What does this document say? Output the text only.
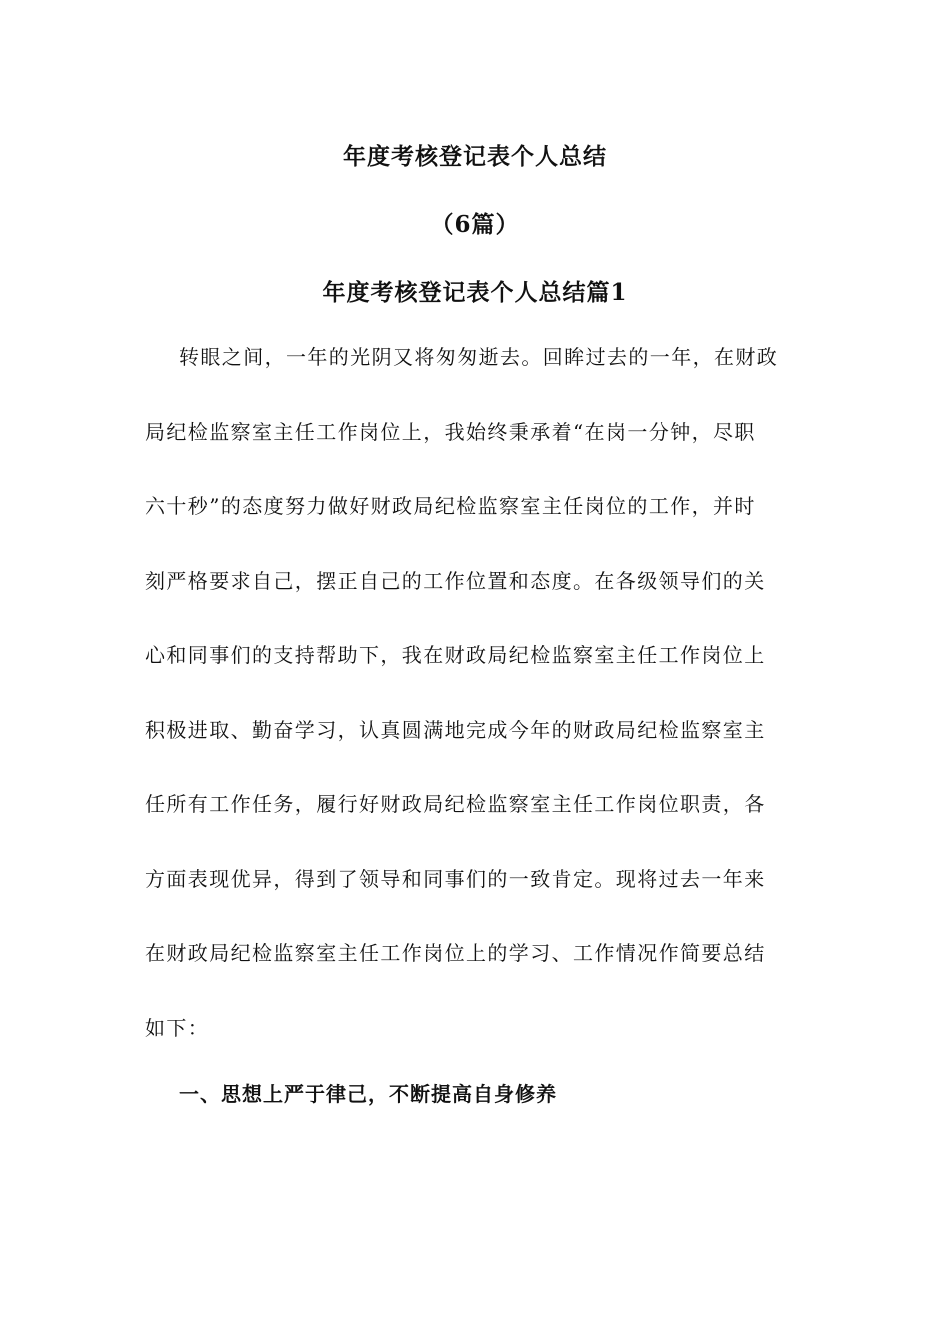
年度考核登记表个人总结
（6篇）
年度考核登记表个人总结篇1
转眼之间，一年的光阴又将匆匆逝去。回眸过去的一年，在财政
局纪检监察室主任工作岗位上，我始终秉承着“在岗一分钟，尽职
六十秒”的态度努力做好财政局纪检监察室主任岗位的工作，并时
刻严格要求自己，摆正自己的工作位置和态度。在各级领导们的关
心和同事们的支持帮助下，我在财政局纪检监察室主任工作岗位上
积极进取、勤奋学习，认真圆满地完成今年的财政局纪检监察室主
任所有工作任务，履行好财政局纪检监察室主任工作岗位职责，各
方面表现优异，得到了领导和同事们的一致肯定。现将过去一年来
在财政局纪检监察室主任工作岗位上的学习、工作情况作简要总结
如下：
一、思想上严于律己，不断提高自身修养
